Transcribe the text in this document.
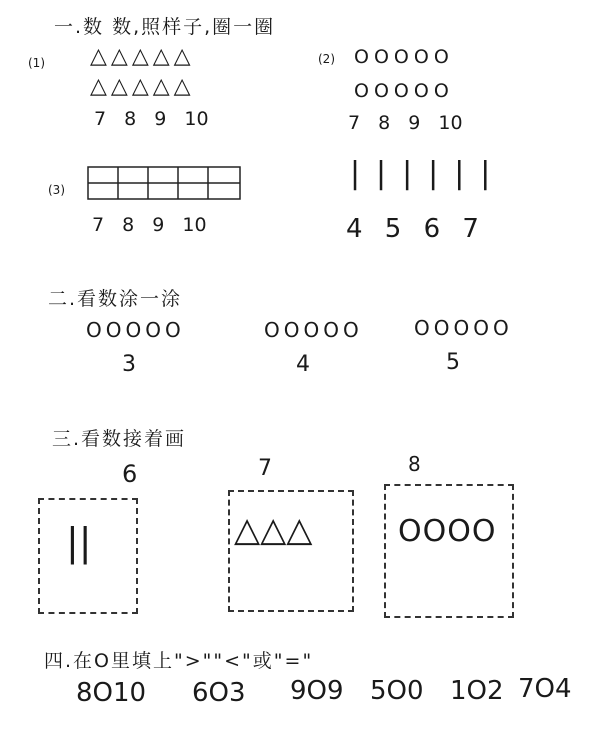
一.数 数,照样子,圈一圈
(1) △△△△△
△△△△△
7 8 9 10
(2) OOOOO
OOOOO
7 8 9 10
(3)
7 8 9 10
||||||
4 5 6 7
二.看数涂一涂
OOOOO
3
OOOOO
4
OOOOO
5
三.看数接着画
6
||
7
△△△
8
OOOO
四.在O里填上">""<"或"="
8O10 6O3 9O9 5O0 1O2 7O4
